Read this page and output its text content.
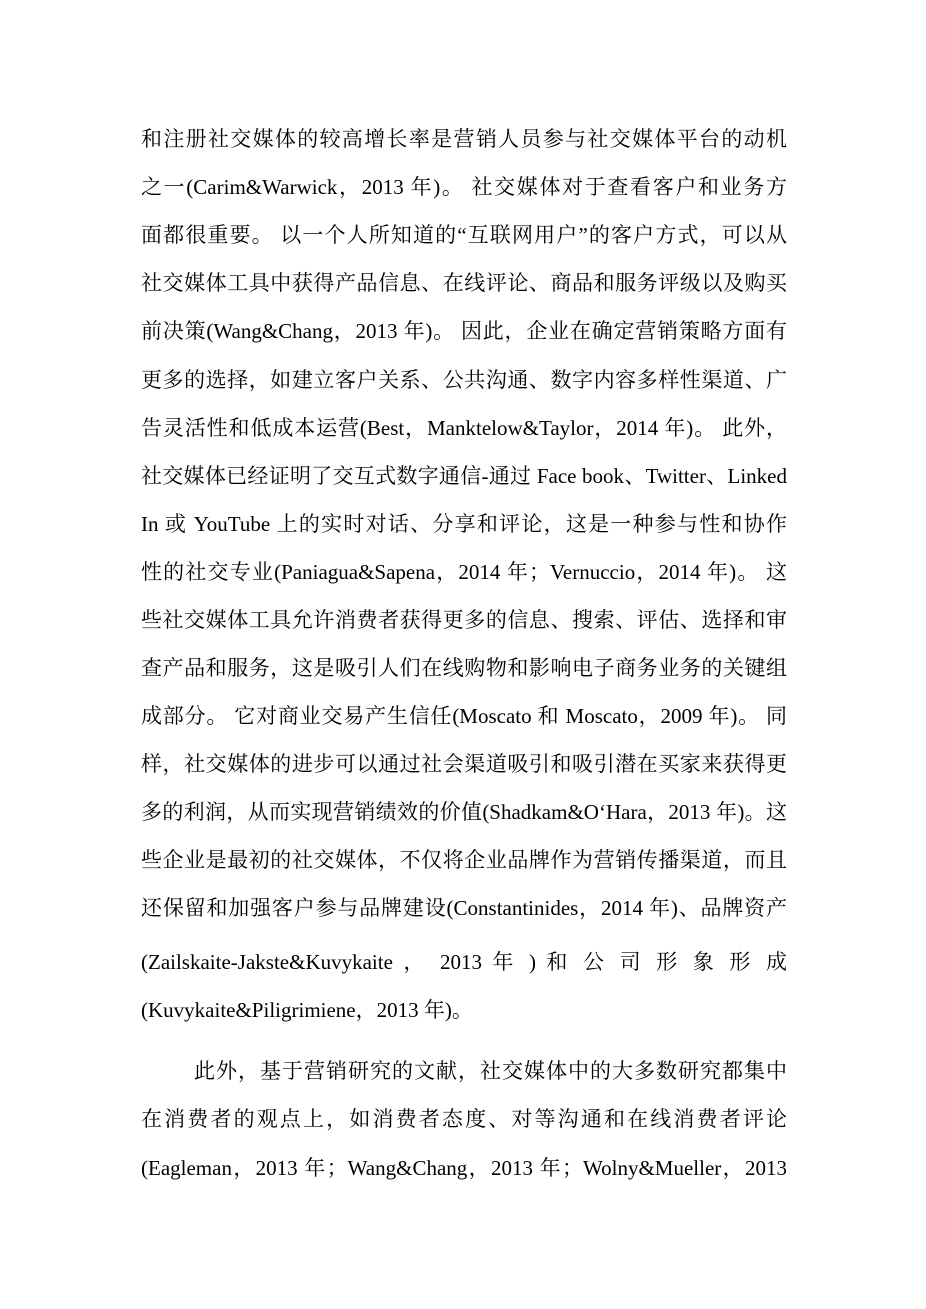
和注册社交媒体的较高增长率是营销人员参与社交媒体平台的动机
之一(Carim&Warwick，2013 年)。 社交媒体对于查看客户和业务方
面都很重要。 以一个人所知道的“互联网用户”的客户方式，可以从
社交媒体工具中获得产品信息、在线评论、商品和服务评级以及购买
前决策(Wang&Chang，2013 年)。 因此，企业在确定营销策略方面有
更多的选择，如建立客户关系、公共沟通、数字内容多样性渠道、广
告灵活性和低成本运营(Best，Manktelow&Taylor，2014 年)。 此外，
社交媒体已经证明了交互式数字通信-通过 Face book、Twitter、Linked
In 或 YouTube 上的实时对话、分享和评论，这是一种参与性和协作
性的社交专业(Paniagua&Sapena，2014 年；Vernuccio，2014 年)。 这
些社交媒体工具允许消费者获得更多的信息、搜索、评估、选择和审
查产品和服务，这是吸引人们在线购物和影响电子商务业务的关键组
成部分。 它对商业交易产生信任(Moscato 和 Moscato，2009 年)。 同
样，社交媒体的进步可以通过社会渠道吸引和吸引潜在买家来获得更
多的利润，从而实现营销绩效的价值(Shadkam&O‘Hara，2013 年)。这
些企业是最初的社交媒体，不仅将企业品牌作为营销传播渠道，而且
还保留和加强客户参与品牌建设(Constantinides，2014 年)、品牌资产
(Zailskaite-Jakste&Kuvykaite ， 2013 年 ) 和 公 司 形 象 形 成
(Kuvykaite&Piligrimiene，2013 年)。
此外，基于营销研究的文献，社交媒体中的大多数研究都集中
在消费者的观点上，如消费者态度、对等沟通和在线消费者评论
(Eagleman，2013 年；Wang&Chang，2013 年；Wolny&Mueller，2013
